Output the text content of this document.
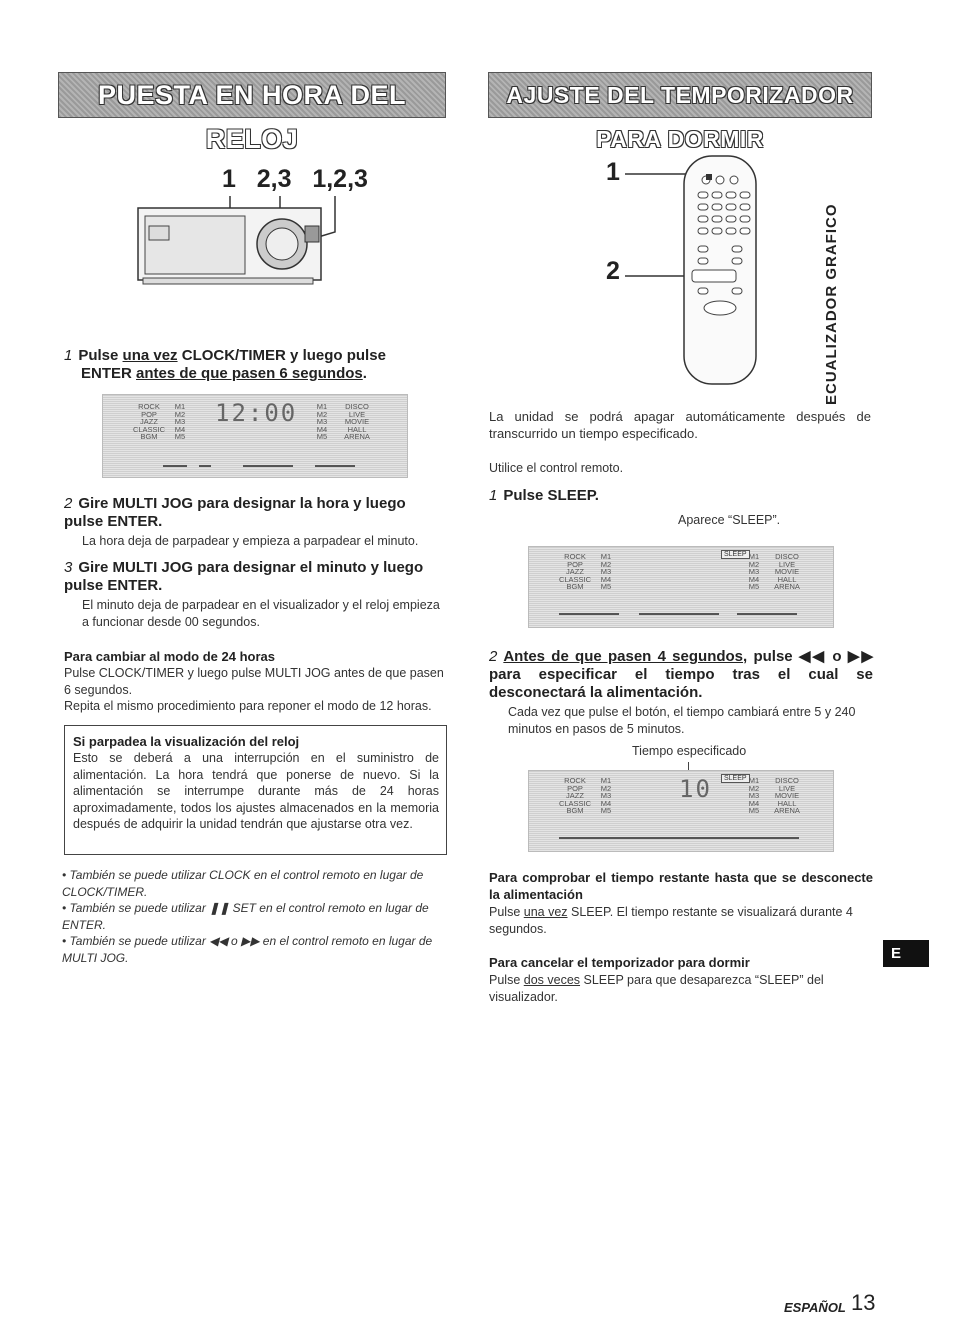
PUESTA EN HORA DEL RELOJ
1   2,3   1,2,3
1 Pulse una vez CLOCK/TIMER y luego pulse
ENTER antes de que pasen 6 segundos.
ROCK
POP
JAZZ
CLASSIC
BGM
M1
M2
M3
M4
M5
12:00	M1
M2
M3
M4
M5
DISCO
LIVE
MOVIE
HALL
ARENA
2 Gire MULTI JOG para designar la hora y luego pulse ENTER.
La hora deja de parpadear y empieza a parpadear el minuto.
3 Gire MULTI JOG para designar el minuto y luego pulse ENTER.
El minuto deja de parpadear en el visualizador y el reloj empieza a funcionar desde 00 segundos.
Para cambiar al modo de 24 horas
Pulse CLOCK/TIMER y luego pulse MULTI JOG antes de que pasen 6 segundos.
Repita el mismo procedimiento para reponer el modo de 12 horas.
Si parpadea la visualización del reloj
Esto se deberá a una interrupción en el suministro de alimentación. La hora tendrá que ponerse de nuevo. Si la alimentación se interrumpe durante más de 24 horas aproximadamente, todos los ajustes almacenados en la memoria después de adquirir la unidad tendrán que ajustarse otra vez.
• También se puede utilizar CLOCK en el control remoto en lugar de CLOCK/TIMER.
• También se puede utilizar ❚❚ SET en el control remoto en lugar de ENTER.
• También se puede utilizar ◀◀ o ▶▶ en el control remoto en lugar de MULTI JOG.
AJUSTE DEL TEMPORIZADOR PARA DORMIR
1
2
La unidad se podrá apagar automáticamente después de transcurrido un tiempo especificado.
Utilice el control remoto.
1 Pulse SLEEP.
Aparece “SLEEP”.
ROCK
POP
JAZZ
CLASSIC
BGM
M1
M2
M3
M4
M5
SLEEP M1
M2
M3
M4
M5
DISCO
LIVE
MOVIE
HALL
ARENA
2 Antes de que pasen 4 segundos, pulse ◀◀ o ▶▶ para especificar el tiempo tras el cual se desconectará la alimentación.
Cada vez que pulse el botón, el tiempo cambiará entre 5 y 240 minutos en pasos de 5 minutos.
Tiempo especificado
ROCK
POP
JAZZ
CLASSIC
BGM
M1
M2
M3
M4
M5
10	SLEEP M1
M2
M3
M4
M5
DISCO
LIVE
MOVIE
HALL
ARENA
Para comprobar el tiempo restante hasta que se desconecte la alimentación
Pulse una vez SLEEP. El tiempo restante se visualizará durante 4 segundos.
Para cancelar el temporizador para dormir
Pulse dos veces SLEEP para que desaparezca “SLEEP” del visualizador.
ECUALIZADOR GRAFICO
E
ESPAÑOL 13
